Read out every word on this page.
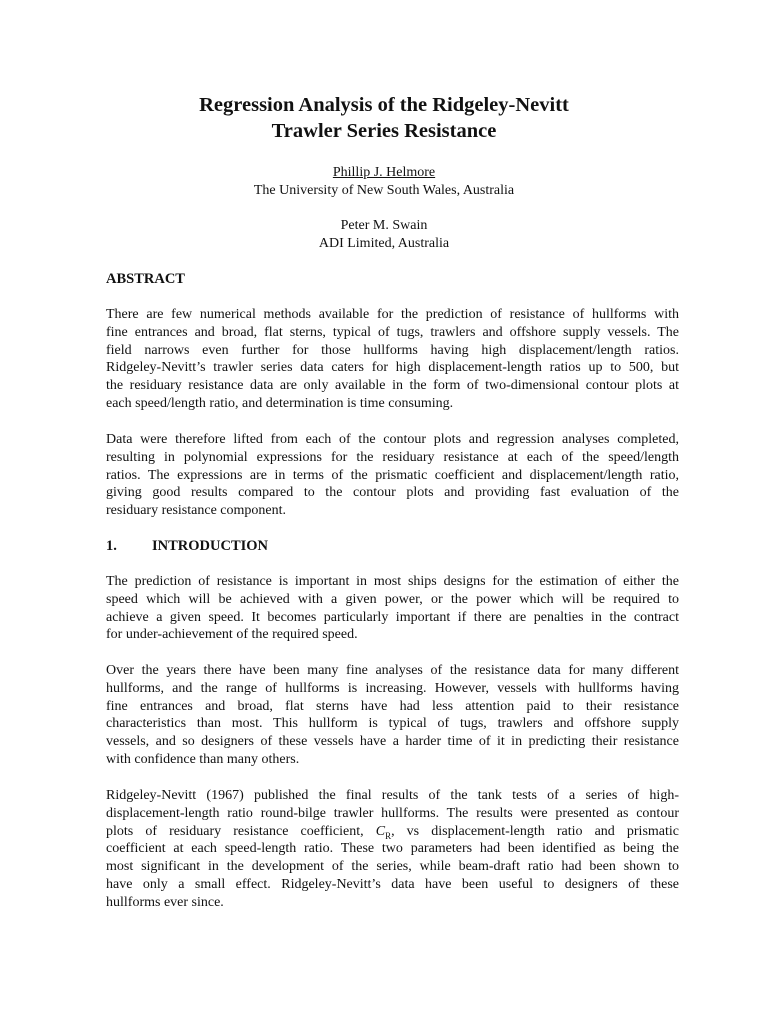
Regression Analysis of the Ridgeley-Nevitt
Trawler Series Resistance
Phillip J. Helmore
The University of New South Wales, Australia
Peter M. Swain
ADI Limited, Australia
ABSTRACT

There are few numerical methods available for the prediction of resistance of hullforms with
fine entrances and broad, flat sterns, typical of tugs, trawlers and offshore supply vessels. The
field narrows even further for those hullforms having high displacement/length ratios.
Ridgeley-Nevitt’s trawler series data caters for high displacement-length ratios up to 500, but
the residuary resistance data are only available in the form of two-dimensional contour plots at
each speed/length ratio, and determination is time consuming.

Data were therefore lifted from each of the contour plots and regression analyses completed,
resulting in polynomial expressions for the residuary resistance at each of the speed/length
ratios. The expressions are in terms of the prismatic coefficient and displacement/length ratio,
giving good results compared to the contour plots and providing fast evaluation of the
residuary resistance component.

1. INTRODUCTION

The prediction of resistance is important in most ships designs for the estimation of either the
speed which will be achieved with a given power, or the power which will be required to
achieve a given speed. It becomes particularly important if there are penalties in the contract
for under-achievement of the required speed.

Over the years there have been many fine analyses of the resistance data for many different
hullforms, and the range of hullforms is increasing. However, vessels with hullforms having
fine entrances and broad, flat sterns have had less attention paid to their resistance
characteristics than most. This hullform is typical of tugs, trawlers and offshore supply
vessels, and so designers of these vessels have a harder time of it in predicting their resistance
with confidence than many others.

Ridgeley-Nevitt (1967) published the final results of the tank tests of a series of high-
displacement-length ratio round-bilge trawler hullforms. The results were presented as contour
plots of residuary resistance coefficient, $C_R$, vs displacement-length ratio and prismatic
coefficient at each speed-length ratio. These two parameters had been identified as being the
most significant in the development of the series, while beam-draft ratio had been shown to
have only a small effect. Ridgeley-Nevitt’s data have been useful to designers of these
hullforms ever since.
